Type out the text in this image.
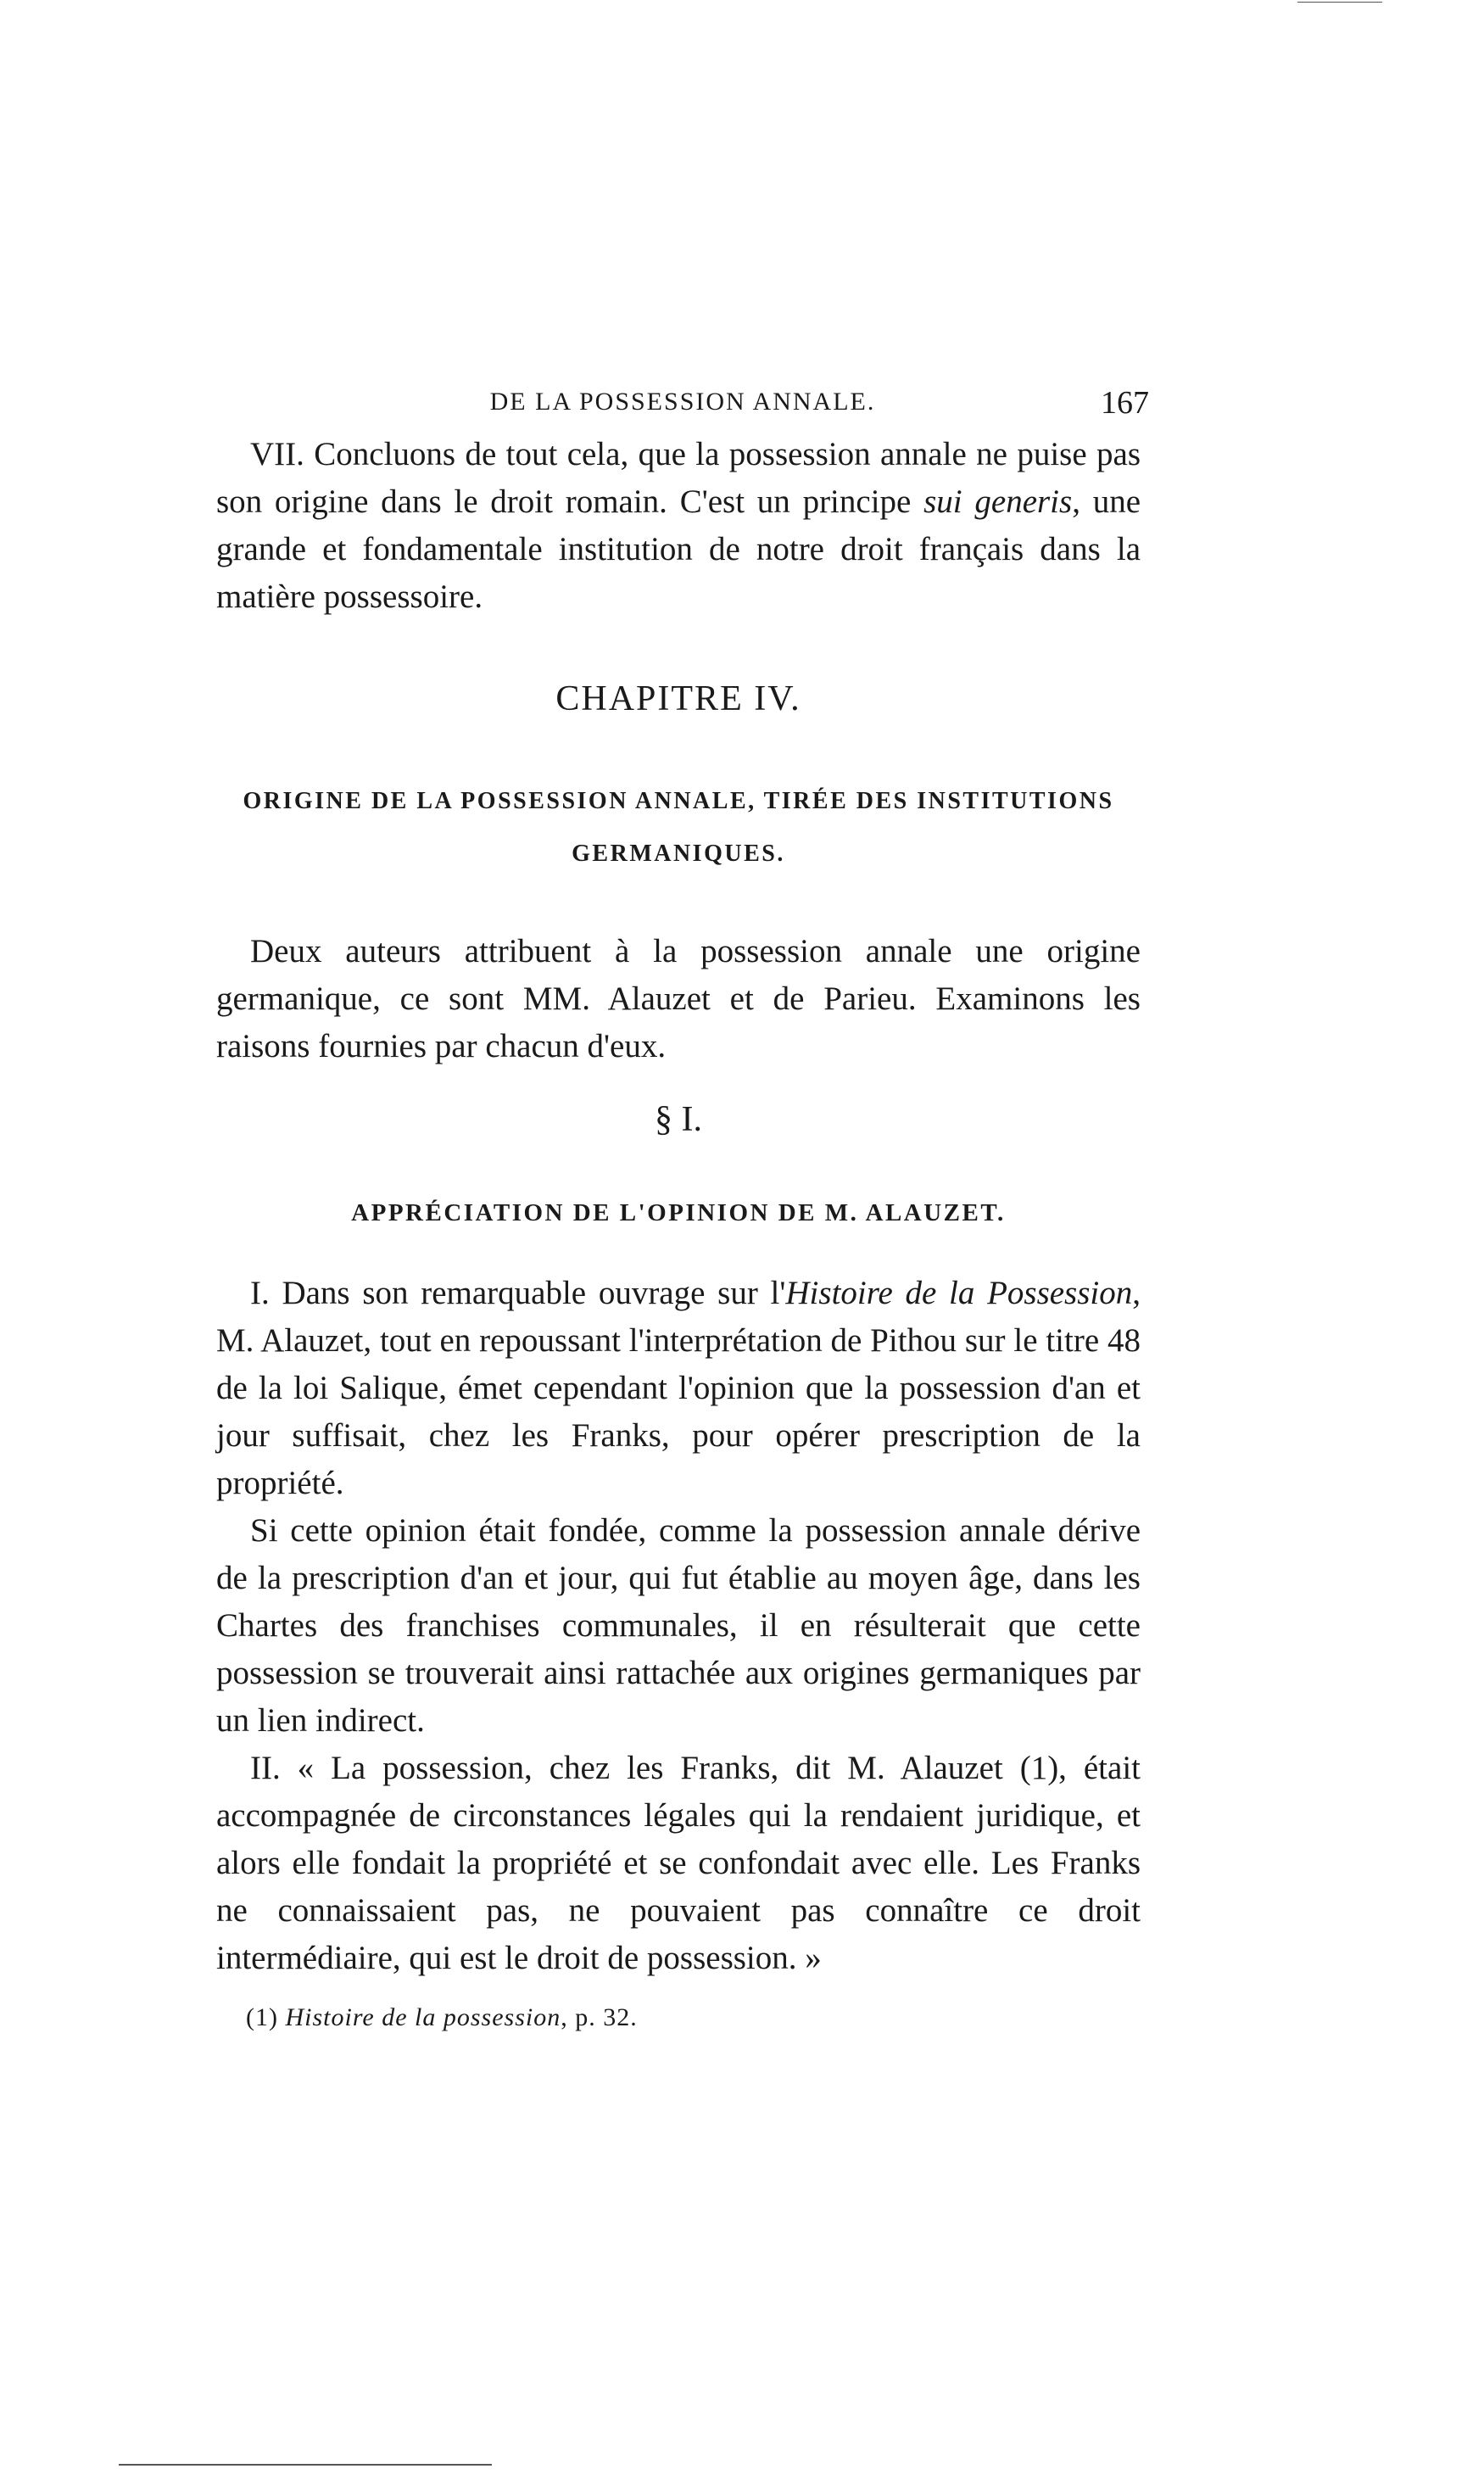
DE LA POSSESSION ANNALE.	167

VII. Concluons de tout cela, que la possession annale ne puise pas son origine dans le droit romain. C'est un principe sui generis, une grande et fondamentale institution de notre droit français dans la matière possessoire.

CHAPITRE IV.
ORIGINE DE LA POSSESSION ANNALE, TIRÉE DES INSTITUTIONS
GERMANIQUES.

Deux auteurs attribuent à la possession annale une origine germanique, ce sont MM. Alauzet et de Parieu. Examinons les raisons fournies par chacun d'eux.

§ I.
APPRÉCIATION DE L'OPINION DE M. ALAUZET.

I. Dans son remarquable ouvrage sur l'Histoire de la Possession, M. Alauzet, tout en repoussant l'interprétation de Pithou sur le titre 48 de la loi Salique, émet cependant l'opinion que la possession d'an et jour suffisait, chez les Franks, pour opérer prescription de la propriété.

Si cette opinion était fondée, comme la possession annale dérive de la prescription d'an et jour, qui fut établie au moyen âge, dans les Chartes des franchises communales, il en résulterait que cette possession se trouverait ainsi rattachée aux origines germaniques par un lien indirect.

II. « La possession, chez les Franks, dit M. Alauzet (1), était accompagnée de circonstances légales qui la rendaient juridique, et alors elle fondait la propriété et se confondait avec elle. Les Franks ne connaissaient pas, ne pouvaient pas connaître ce droit intermédiaire, qui est le droit de possession. »

(1) Histoire de la possession, p. 32.
